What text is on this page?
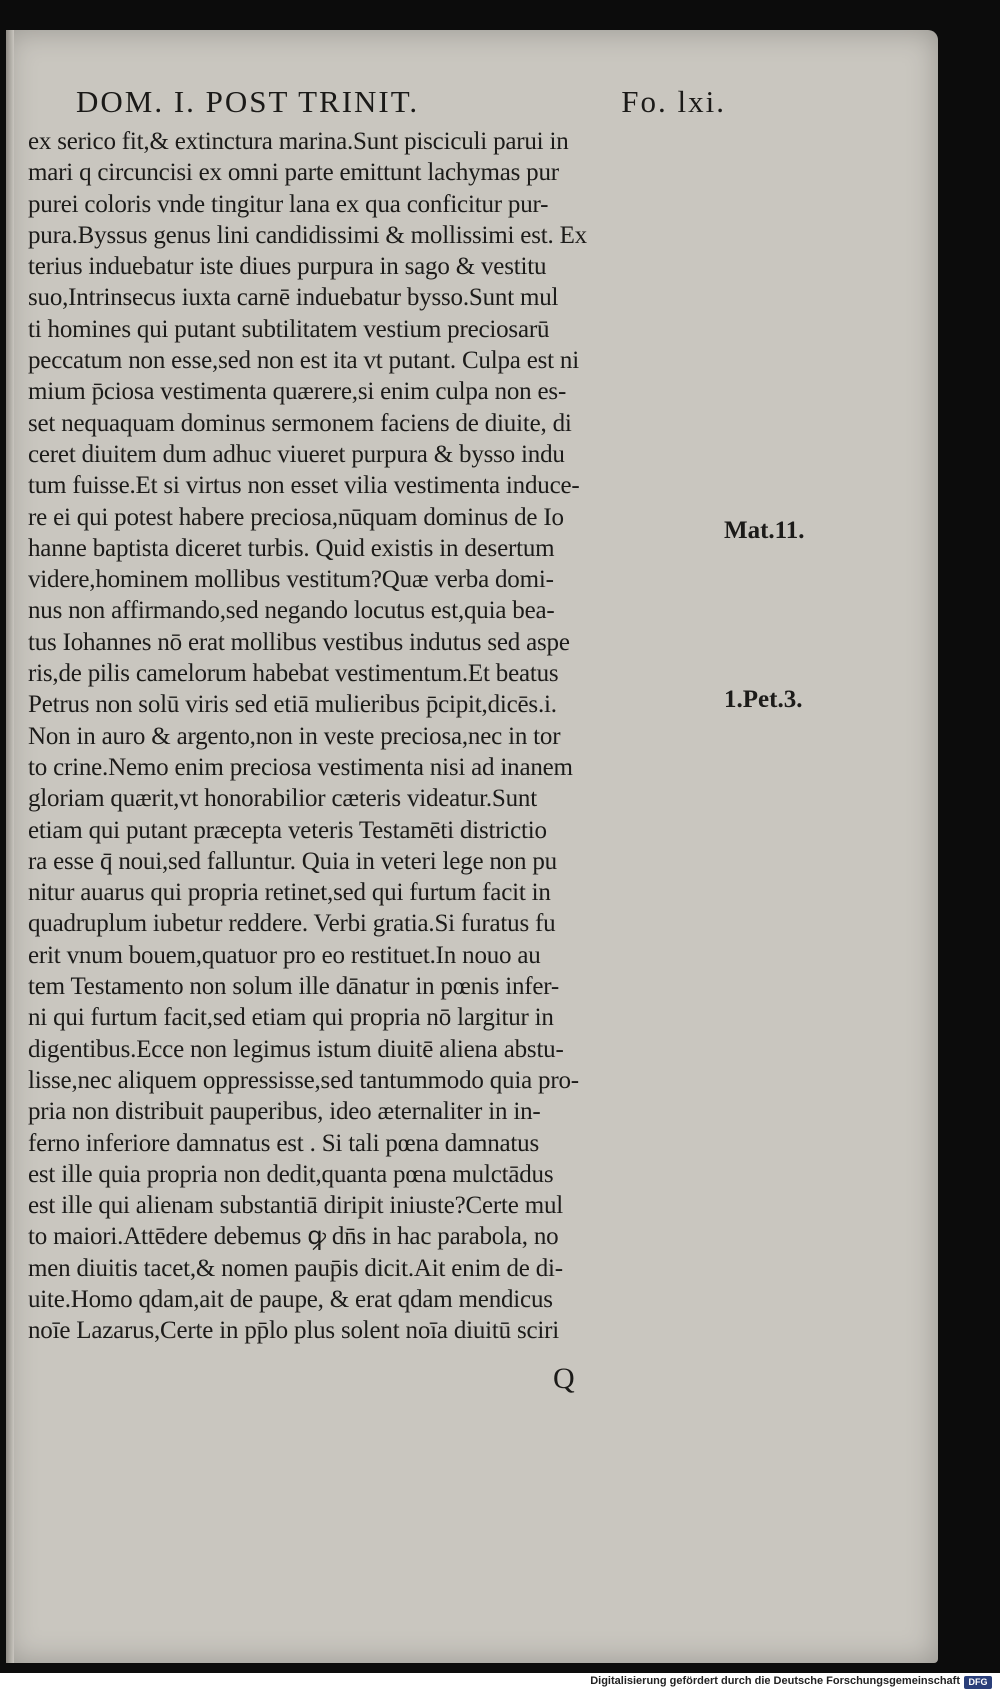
DOM. I. POST TRINIT.	Fo. lxi.
ex serico fit,& extinctura marina.Sunt pisciculi parui in
mari q circuncisi ex omni parte emittunt lachymas pur
purei coloris vnde tingitur lana ex qua conficitur pur-
pura.Byssus genus lini candidissimi & mollissimi est. Ex
terius induebatur iste diues purpura in sago & vestitu
suo,Intrinsecus iuxta carnē induebatur bysso.Sunt mul
ti homines qui putant subtilitatem vestium preciosarū
peccatum non esse,sed non est ita vt putant. Culpa est ni
mium p̄ciosa vestimenta quærere,si enim culpa non es-
set nequaquam dominus sermonem faciens de diuite, di
ceret diuitem dum adhuc viueret purpura & bysso indu
tum fuisse.Et si virtus non esset vilia vestimenta induce-
re ei qui potest habere preciosa,nūquam dominus de Io
hanne baptista diceret turbis. Quid existis in desertum
videre,hominem mollibus vestitum?Quæ verba domi-
nus non affirmando,sed negando locutus est,quia bea-
tus Iohannes nō erat mollibus vestibus indutus sed aspe
ris,de pilis camelorum habebat vestimentum.Et beatus
Petrus non solū viris sed etiā mulieribus p̄cipit,dicēs.i.
Non in auro & argento,non in veste preciosa,nec in tor
to crine.Nemo enim preciosa vestimenta nisi ad inanem
gloriam quærit,vt honorabilior cæteris videatur.Sunt
etiam qui putant præcepta veteris Testamēti districtio
ra esse q̄ noui,sed falluntur. Quia in veteri lege non pu
nitur auarus qui propria retinet,sed qui furtum facit in
quadruplum iubetur reddere. Verbi gratia.Si furatus fu
erit vnum bouem,quatuor pro eo restituet.In nouo au
tem Testamento non solum ille dānatur in pœnis infer-
ni qui furtum facit,sed etiam qui propria nō largitur in
digentibus.Ecce non legimus istum diuitē aliena abstu-
lisse,nec aliquem oppressisse,sed tantummodo quia pro-
pria non distribuit pauperibus, ideo æternaliter in in-
ferno inferiore damnatus est . Si tali pœna damnatus
est ille quia propria non dedit,quanta pœna mulctādus
est ille qui alienam substantiā diripit iniuste?Certe mul
to maiori.Attēdere debemus ꝙ dn̄s in hac parabola, no
men diuitis tacet,& nomen paup̄is dicit.Ait enim de di-
uite.Homo qdam,ait de paupe, & erat qdam mendicus
noīe Lazarus,Certe in pp̄lo plus solent noīa diuitū sciri
Mat.11.
1.Pet.3.
Q
Digitalisierung gefördert durch die Deutsche Forschungsgemeinschaft DFG
